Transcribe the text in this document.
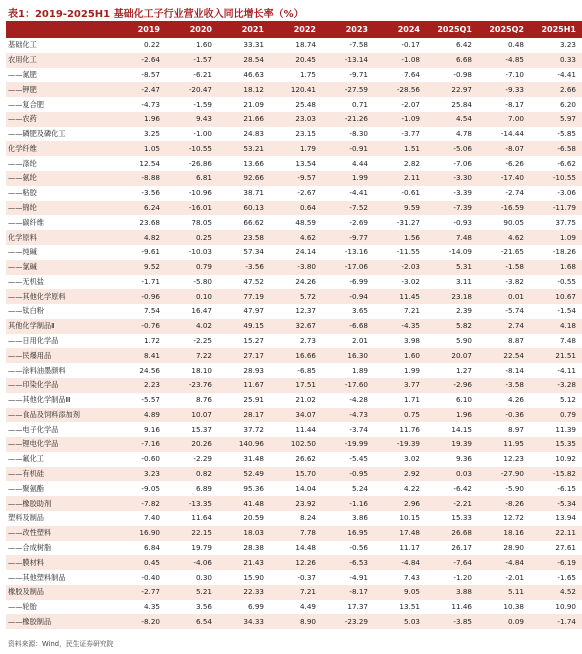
表1：2019-2025H1 基础化工子行业营业收入同比增长率（%）
	2019	2020	2021	2022	2023	2024	2025Q1	2025Q2	2025H1
基础化工	0.22	1.60	33.31	18.74	-7.58	-0.17	6.42	0.48	3.23
农用化工	-2.64	-1.57	28.54	20.45	-13.14	-1.08	6.68	-4.85	0.33
——氮肥	-8.57	-6.21	46.63	1.75	-9.71	7.64	-0.98	-7.10	-4.41
——钾肥	-2.47	-20.47	18.12	120.41	-27.59	-28.56	22.97	-9.33	2.66
——复合肥	-4.73	-1.59	21.09	25.48	0.71	-2.07	25.84	-8.17	6.20
——农药	1.96	9.43	21.66	23.03	-21.26	-1.09	4.54	7.00	5.97
——磷肥及磷化工	3.25	-1.00	24.83	23.15	-8.30	-3.77	4.78	-14.44	-5.85
化学纤维	1.05	-10.55	53.21	1.79	-0.91	1.51	-5.06	-8.07	-6.58
——涤纶	12.54	-26.86	13.66	13.54	4.44	2.82	-7.06	-6.26	-6.62
——氨纶	-8.88	6.81	92.66	-9.57	1.99	2.11	-3.30	-17.40	-10.55
——粘胶	-3.56	-10.96	38.71	-2.67	-4.41	-0.61	-3.39	-2.74	-3.06
——锦纶	6.24	-16.01	60.13	0.64	-7.52	9.59	-7.39	-16.59	-11.79
——碳纤维	23.68	78.05	66.62	48.59	-2.69	-31.27	-0.93	90.05	37.75
化学原料	4.82	0.25	23.58	4.62	-9.77	1.56	7.48	4.62	1.09
——纯碱	-9.61	-10.03	57.34	24.14	-13.16	-11.55	-14.09	-21.65	-18.26
——氯碱	9.52	0.79	-3.56	-3.80	-17.06	-2.03	5.31	-1.58	1.68
——无机盐	-1.71	-5.80	47.52	24.26	-6.99	-3.02	3.11	-3.82	-0.55
——其他化学原料	-0.96	0.10	77.19	5.72	-0.94	11.45	23.18	0.01	10.67
——钛白粉	7.54	16.47	47.97	12.37	3.65	7.21	2.39	-5.74	-1.54
其他化学制品Ⅱ	-0.76	4.02	49.15	32.67	-6.68	-4.35	5.82	2.74	4.18
——日用化学品	1.72	-2.25	15.27	2.73	2.01	3.98	5.90	8.87	7.48
——民爆用品	8.41	7.22	27.17	16.66	16.30	1.60	20.07	22.54	21.51
——涂料油墨颜料	24.56	18.10	28.93	-6.85	1.89	1.99	1.27	-8.14	-4.11
——印染化学品	2.23	-23.76	11.67	17.51	-17.60	3.77	-2.96	-3.58	-3.28
——其他化学制品Ⅲ	-5.57	8.76	25.91	21.02	-4.28	1.71	6.10	4.26	5.12
——食品及饲料添加剂	4.89	10.07	28.17	34.07	-4.73	0.75	1.96	-0.36	0.79
——电子化学品	9.16	15.37	37.72	11.44	-3.74	11.76	14.15	8.97	11.39
——锂电化学品	-7.16	20.26	140.96	102.50	-19.99	-19.39	19.39	11.95	15.35
——氟化工	-0.60	-2.29	31.48	26.62	-5.45	3.02	9.36	12.23	10.92
——有机硅	3.23	0.82	52.49	15.70	-0.95	2.92	0.03	-27.90	-15.82
——聚氨酯	-9.05	6.89	95.36	14.04	5.24	4.22	-6.42	-5.90	-6.15
——橡胶助剂	-7.82	-13.35	41.48	23.92	-1.16	2.96	-2.21	-8.26	-5.34
塑料及制品	7.40	11.64	20.59	8.24	3.86	10.15	15.33	12.72	13.94
——改性塑料	16.90	22.15	18.03	7.78	16.95	17.48	26.68	18.16	22.11
——合成树脂	6.84	19.79	28.38	14.48	-0.56	11.17	26.17	28.90	27.61
——膜材料	0.45	-4.06	21.43	12.26	-6.53	-4.84	-7.64	-4.84	-6.19
——其他塑料制品	-0.40	0.30	15.90	-0.37	-4.91	7.43	-1.20	-2.01	-1.65
橡胶及制品	-2.77	5.21	22.33	7.21	-8.17	9.05	3.88	5.11	4.52
——轮胎	4.35	3.56	6.99	4.49	17.37	13.51	11.46	10.38	10.90
——橡胶制品	-8.20	6.54	34.33	8.90	-23.29	5.03	-3.85	0.09	-1.74
资料来源：Wind，民生证券研究院
